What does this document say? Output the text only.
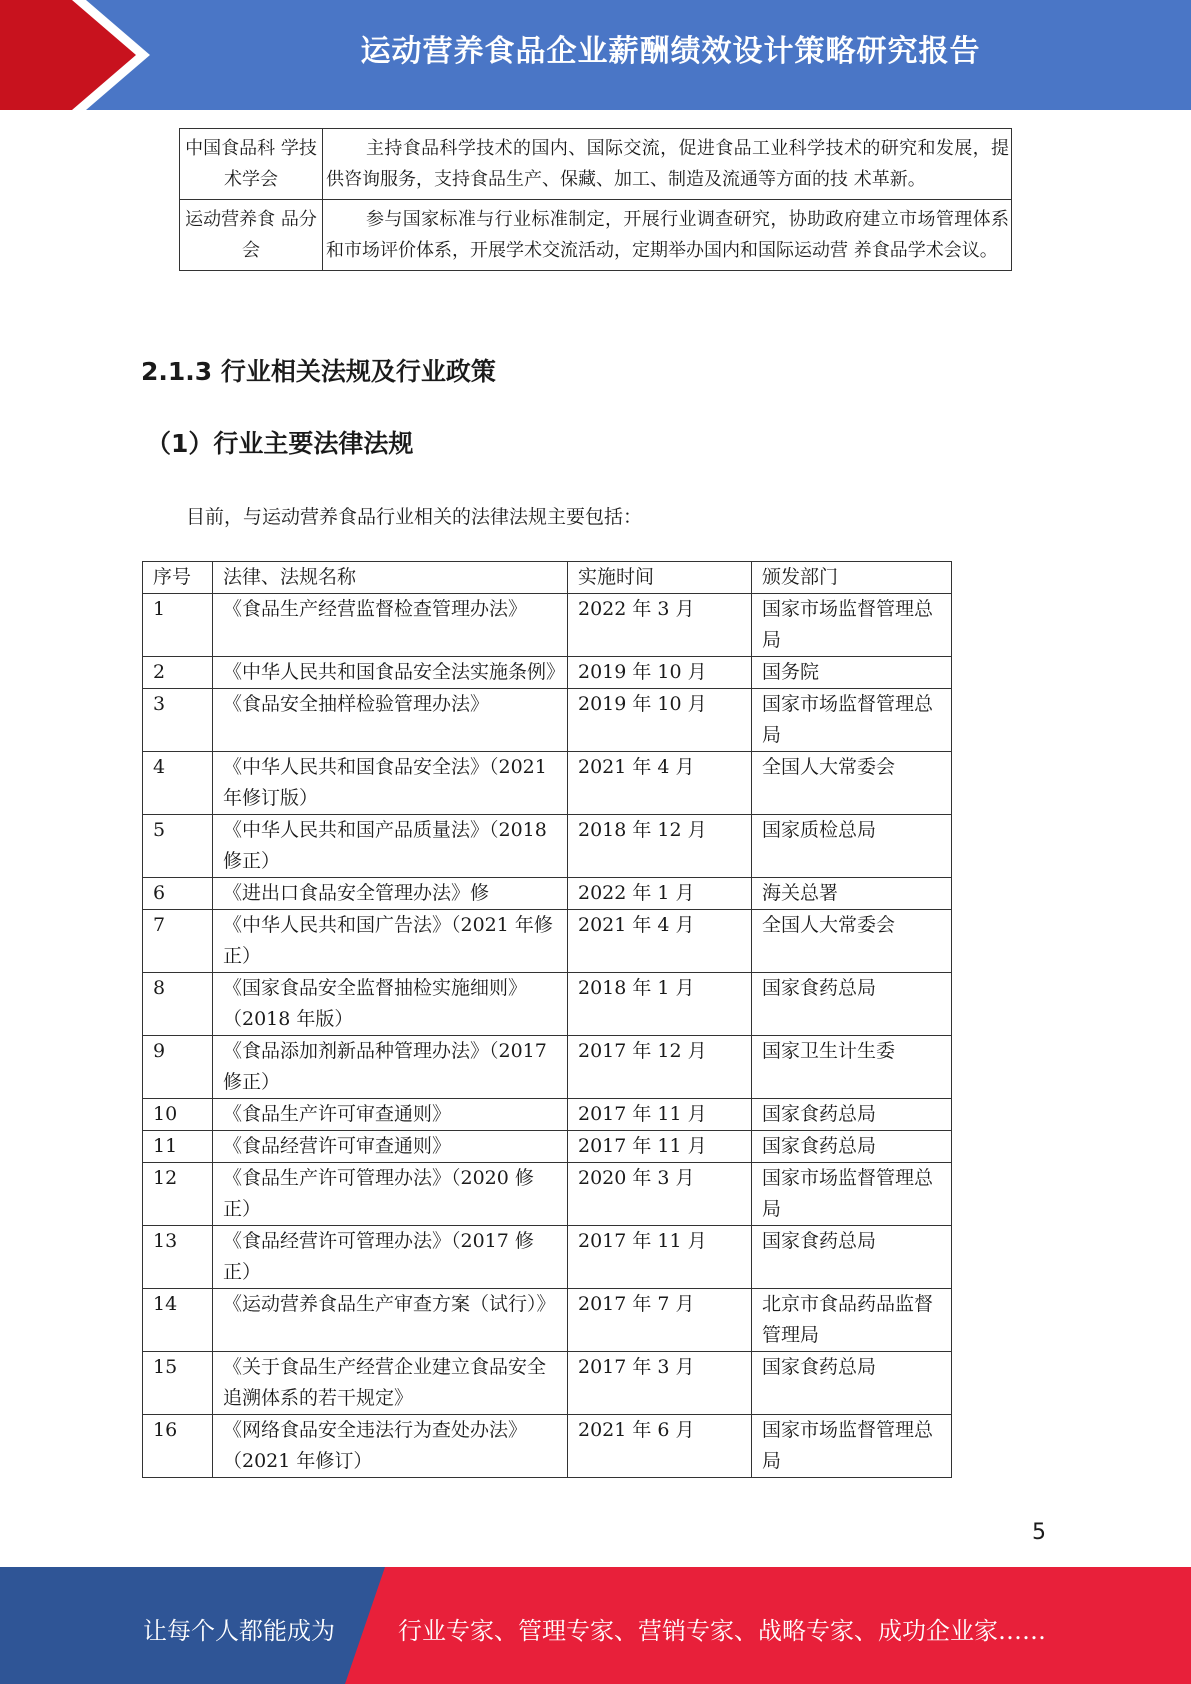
运动营养食品企业薪酬绩效设计策略研究报告
中国食品科 学技术学会	主持食品科学技术的国内、国际交流，促进食品工业科学技术的研究和发展，提供咨询服务，支持食品生产、保藏、加工、制造及流通等方面的技 术革新。
运动营养食 品分会	参与国家标准与行业标准制定，开展行业调查研究，协助政府建立市场管理体系和市场评价体系，开展学术交流活动，定期举办国内和国际运动营 养食品学术会议。
2.1.3 行业相关法规及行业政策
（1）行业主要法律法规
目前，与运动营养食品行业相关的法律法规主要包括：
序号	法律、法规名称	实施时间	颁发部门
1	《食品生产经营监督检查管理办法》	2022 年 3 月	国家市场监督管理总局
2	《中华人民共和国食品安全法实施条例》	2019 年 10 月	国务院
3	《食品安全抽样检验管理办法》	2019 年 10 月	国家市场监督管理总局
4	《中华人民共和国食品安全法》（2021 年修订版）	2021 年 4 月	全国人大常委会
5	《中华人民共和国产品质量法》（2018 修正）	2018 年 12 月	国家质检总局
6	《进出口食品安全管理办法》修	2022 年 1 月	海关总署
7	《中华人民共和国广告法》（2021 年修正）	2021 年 4 月	全国人大常委会
8	《国家食品安全监督抽检实施细则》 （2018 年版）	2018 年 1 月	国家食药总局
9	《食品添加剂新品种管理办法》（2017 修正）	2017 年 12 月	国家卫生计生委
10	《食品生产许可审查通则》	2017 年 11 月	国家食药总局
11	《食品经营许可审查通则》	2017 年 11 月	国家食药总局
12	《食品生产许可管理办法》（2020 修正）	2020 年 3 月	国家市场监督管理总局
13	《食品经营许可管理办法》（2017 修正）	2017 年 11 月	国家食药总局
14	《运动营养食品生产审查方案（试行）》	2017 年 7 月	北京市食品药品监督管理局
15	《关于食品生产经营企业建立食品安全追溯体系的若干规定》	2017 年 3 月	国家食药总局
16	《网络食品安全违法行为查处办法》 （2021 年修订）	2021 年 6 月	国家市场监督管理总局
5
让每个人都能成为	行业专家、管理专家、营销专家、战略专家、成功企业家……
